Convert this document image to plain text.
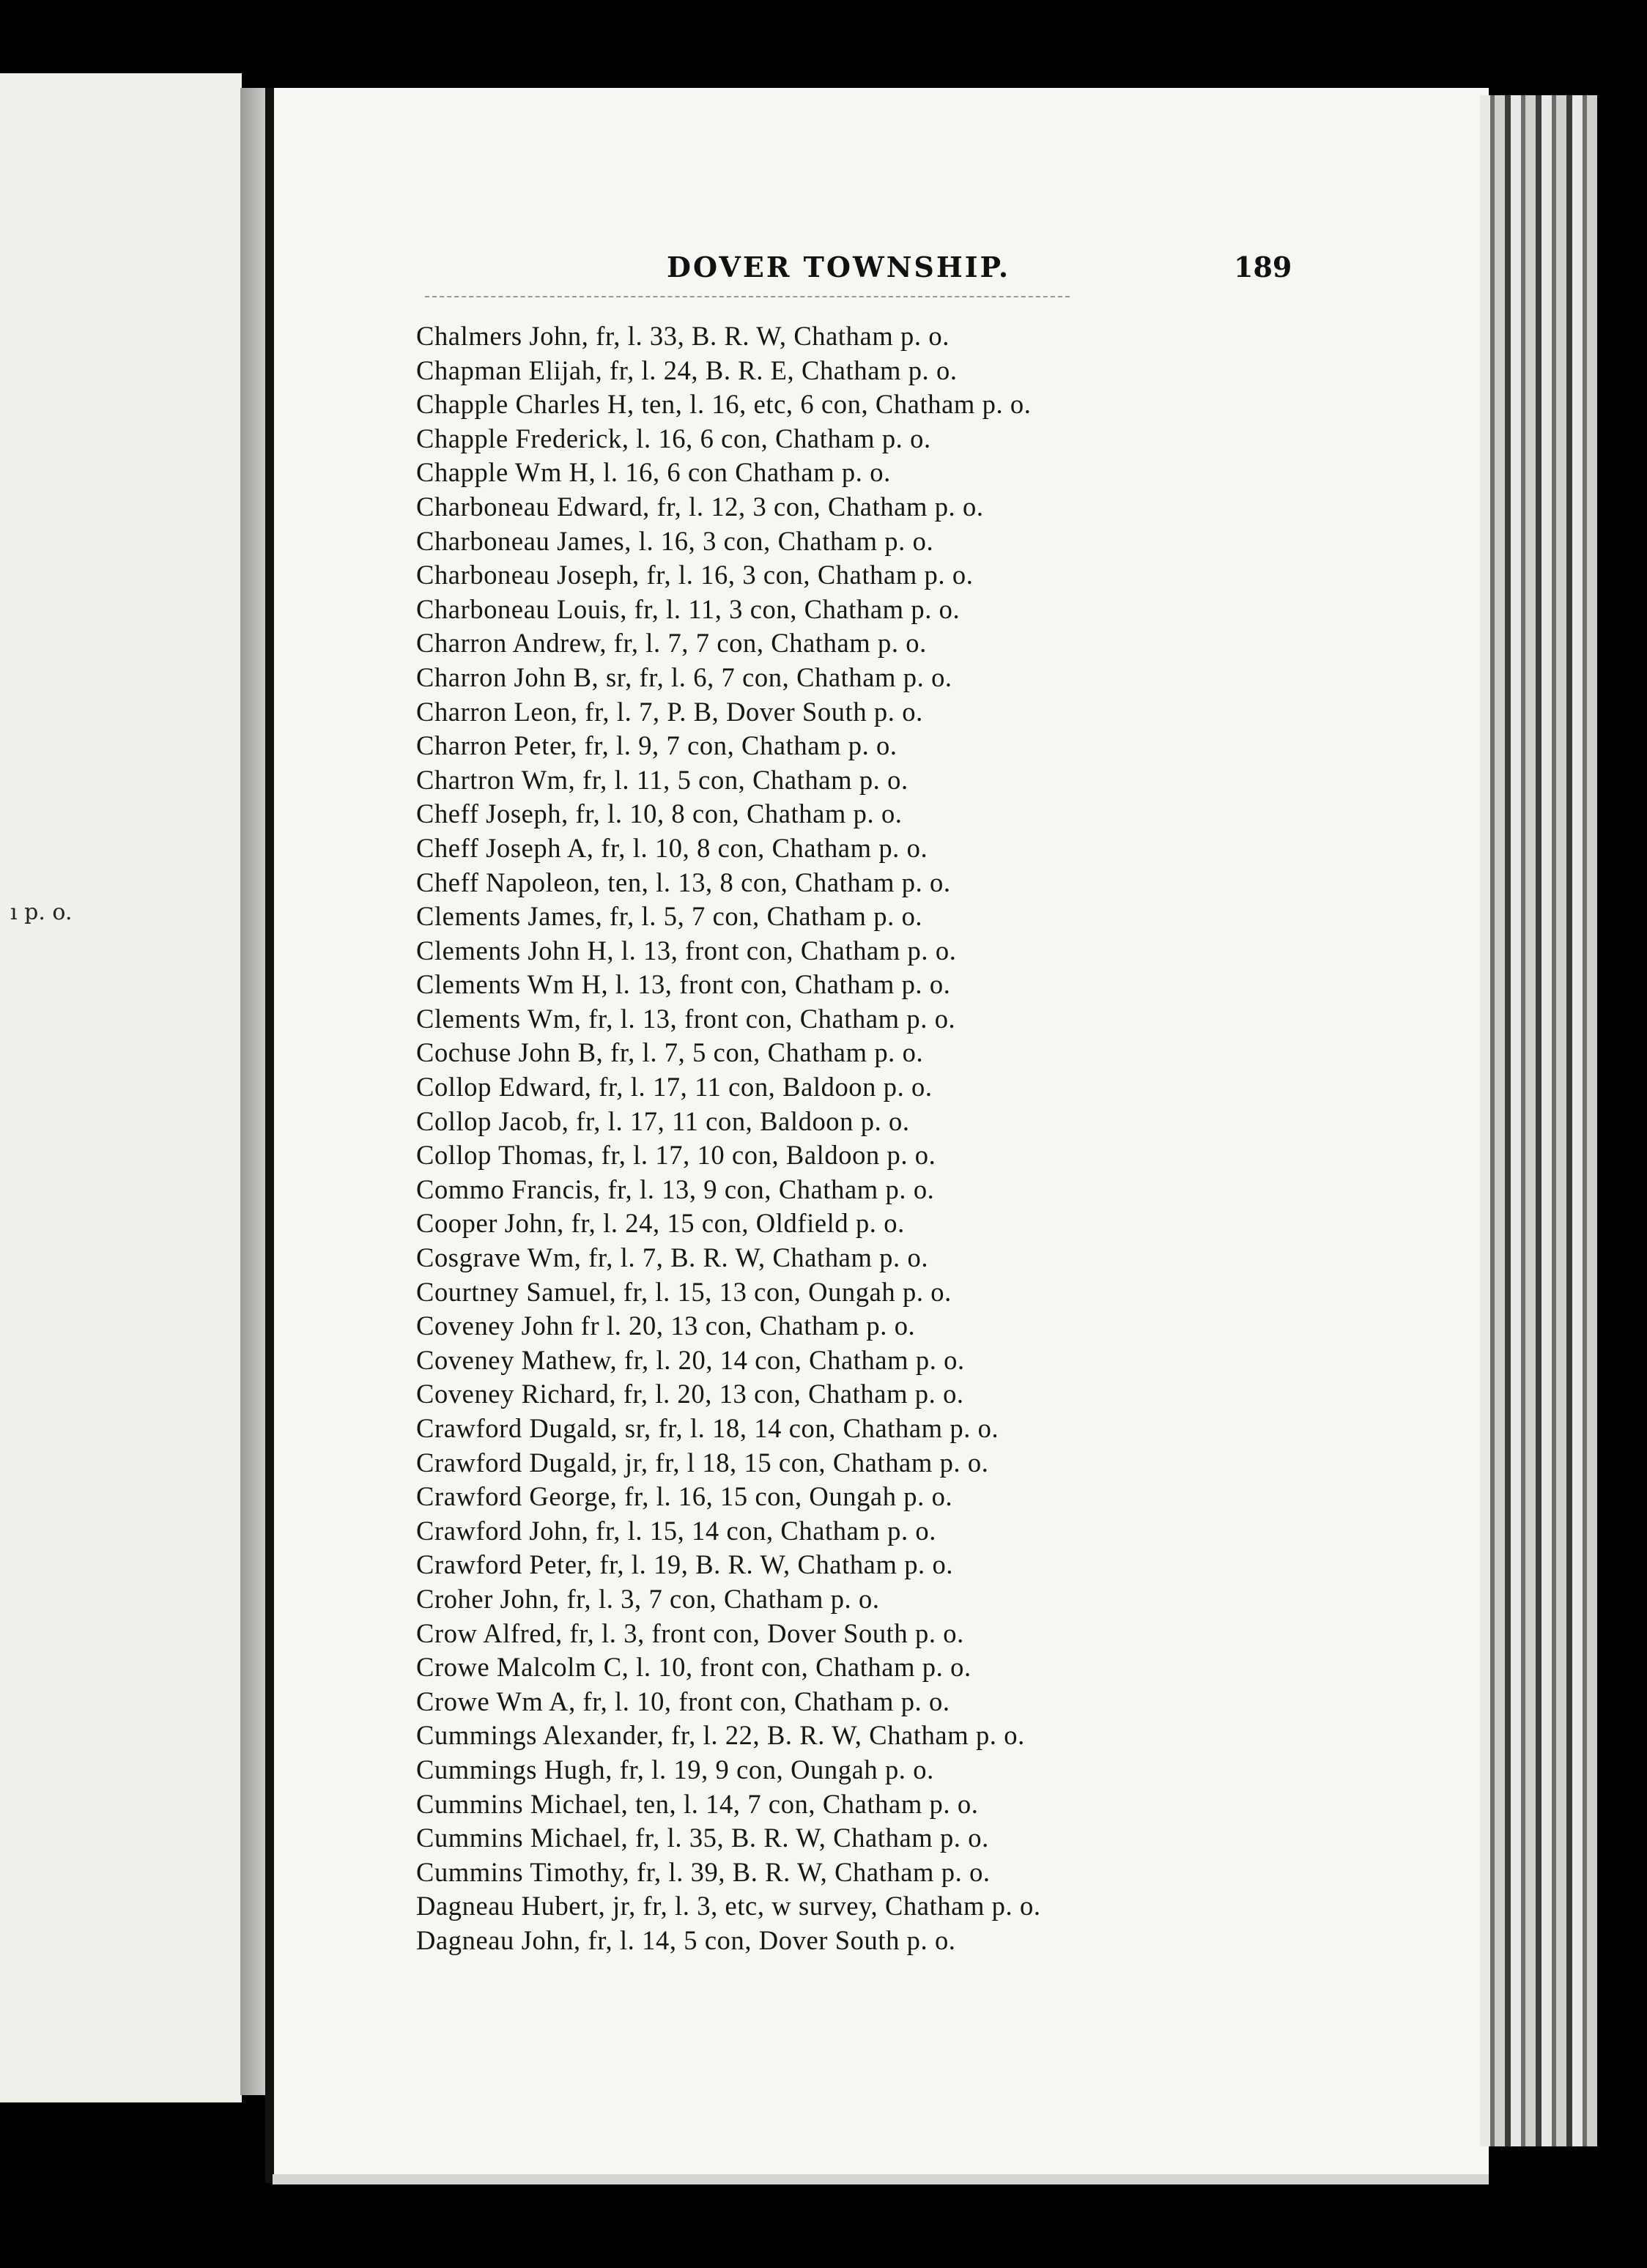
ı p. o.
DOVER TOWNSHIP.	189
Chalmers John, fr, l. 33, B. R. W, Chatham p. o.
Chapman Elijah, fr, l. 24, B. R. E, Chatham p. o.
Chapple Charles H, ten, l. 16, etc, 6 con, Chatham p. o.
Chapple Frederick, l. 16, 6 con, Chatham p. o.
Chapple Wm H, l. 16, 6 con Chatham p. o.
Charboneau Edward, fr, l. 12, 3 con, Chatham p. o.
Charboneau James, l. 16, 3 con, Chatham p. o.
Charboneau Joseph, fr, l. 16, 3 con, Chatham p. o.
Charboneau Louis, fr, l. 11, 3 con, Chatham p. o.
Charron Andrew, fr, l. 7, 7 con, Chatham p. o.
Charron John B, sr, fr, l. 6, 7 con, Chatham p. o.
Charron Leon, fr, l. 7, P. B, Dover South p. o.
Charron Peter, fr, l. 9, 7 con, Chatham p. o.
Chartron Wm, fr, l. 11, 5 con, Chatham p. o.
Cheff Joseph, fr, l. 10, 8 con, Chatham p. o.
Cheff Joseph A, fr, l. 10, 8 con, Chatham p. o.
Cheff Napoleon, ten, l. 13, 8 con, Chatham p. o.
Clements James, fr, l. 5, 7 con, Chatham p. o.
Clements John H, l. 13, front con, Chatham p. o.
Clements Wm H, l. 13, front con, Chatham p. o.
Clements Wm, fr, l. 13, front con, Chatham p. o.
Cochuse John B, fr, l. 7, 5 con, Chatham p. o.
Collop Edward, fr, l. 17, 11 con, Baldoon p. o.
Collop Jacob, fr, l. 17, 11 con, Baldoon p. o.
Collop Thomas, fr, l. 17, 10 con, Baldoon p. o.
Commo Francis, fr, l. 13, 9 con, Chatham p. o.
Cooper John, fr, l. 24, 15 con, Oldfield p. o.
Cosgrave Wm, fr, l. 7, B. R. W, Chatham p. o.
Courtney Samuel, fr, l. 15, 13 con, Oungah p. o.
Coveney John fr l. 20, 13 con, Chatham p. o.
Coveney Mathew, fr, l. 20, 14 con, Chatham p. o.
Coveney Richard, fr, l. 20, 13 con, Chatham p. o.
Crawford Dugald, sr, fr, l. 18, 14 con, Chatham p. o.
Crawford Dugald, jr, fr, l 18, 15 con, Chatham p. o.
Crawford George, fr, l. 16, 15 con, Oungah p. o.
Crawford John, fr, l. 15, 14 con, Chatham p. o.
Crawford Peter, fr, l. 19, B. R. W, Chatham p. o.
Croher John, fr, l. 3, 7 con, Chatham p. o.
Crow Alfred, fr, l. 3, front con, Dover South p. o.
Crowe Malcolm C, l. 10, front con, Chatham p. o.
Crowe Wm A, fr, l. 10, front con, Chatham p. o.
Cummings Alexander, fr, l. 22, B. R. W, Chatham p. o.
Cummings Hugh, fr, l. 19, 9 con, Oungah p. o.
Cummins Michael, ten, l. 14, 7 con, Chatham p. o.
Cummins Michael, fr, l. 35, B. R. W, Chatham p. o.
Cummins Timothy, fr, l. 39, B. R. W, Chatham p. o.
Dagneau Hubert, jr, fr, l. 3, etc, w survey, Chatham p. o.
Dagneau John, fr, l. 14, 5 con, Dover South p. o.
